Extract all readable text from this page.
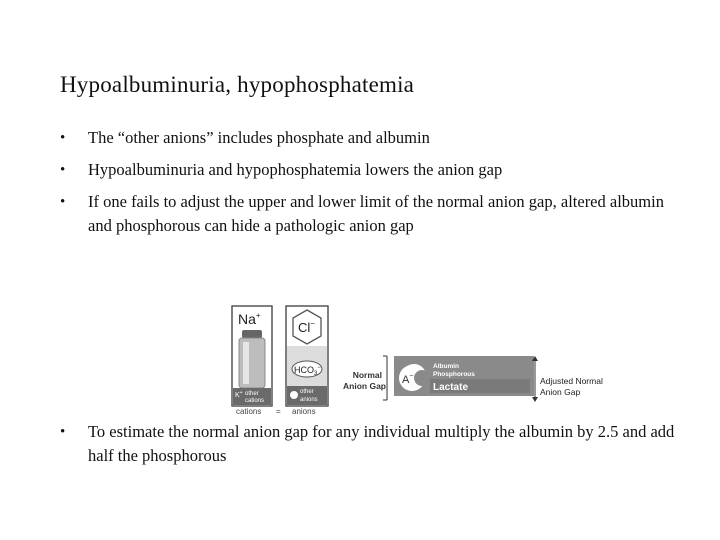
Hypoalbuminuria, hypophosphatemia
• The “other anions” includes phosphate and albumin
• Hypoalbuminuria and hypophosphatemia lowers the anion gap
• If one fails to adjust the upper and lower limit of the normal anion gap, altered albumin and phosphorous can hide a pathologic anion gap
Na+
K+ other
cations
Cl−
$HCO_3^-$
other
anions
cations = anions
Normal
Anion Gap A−
Albumin
Phosphorous
Lactate
Adjusted Normal
Anion Gap
• To estimate the normal anion gap for any individual multiply the albumin by 2.5 and add half the phosphorous
